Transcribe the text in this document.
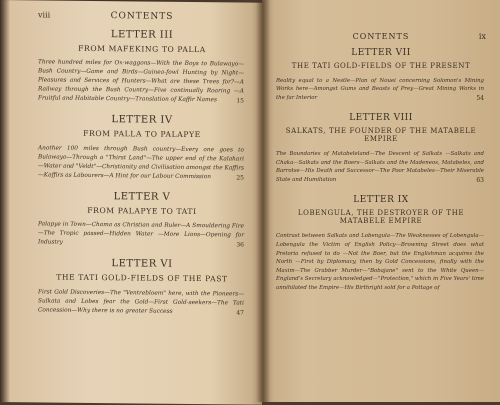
viii	CONTENTS
LETTER III
FROM MAFEKING TO PALLA
Three hundred miles for Ox-waggons—With the Boys to Bulawayo—Bush Country—Game and Birds—Guinea-fowl Hunting by Night—Pleasures and Services of Hunters—What are these Trees for?—A Railway through the Bush Country—Five continually Roaring —A Fruitful and Habitable Country—Translation of Kaffir Names	15
LETTER IV
FROM PALLA TO PALAPYE
Another 100 miles through Bush country—Every one goes to Bulawayo—Through a "Thirst Land"—The upper end of the Kalahari—Water and "Veldt"—Christianity and Civilisation amongst the Kaffirs—Kaffirs as Labourers—A Hint for our Labour Commission	25
LETTER V
FROM PALAPYE TO TATI
Palapye in Town—Chama as Christian and Ruler—A Smouldering Fire—The Tropic passed—Hidden Water —More Lions—Opening for Industry	36
LETTER VI
THE TATI GOLD-FIELDS OF THE PAST
First Gold Discoveries—The "Ventrebloem" here, with the Pioneers—Sulkata and Lobes fear the Gold—First Gold-seekers—The Tati Concession—Why there is no greater Success	47
CONTENTS	ix
LETTER VII
THE TATI GOLD-FIELDS OF THE PRESENT
Reality equal to a Nestle—Plan of Nouei concerning Solomon's Mining Works here—Amongst Gums and Beasts of Prey—Great Mining Works in the far Interior	54
LETTER VIII
SALKATS, THE FOUNDER OF THE MATABELE EMPIRE
The Boundaries of Matabeleland—The Descent of Salkats —Salkats and Chaka—Salkats and the Boers—Salkats and the Madeneos, Matabeles, and Barrotse—His Death and Successor—The Poor Matabeles—Their Miserable State and Humiliation	63
LETTER IX
LOBENGULA, THE DESTROYER OF THE MATABELE EMPIRE
Contrast between Salkats and Lobengula—The Weaknesses of Lobengula—Lobengula the Victim of English Policy—Browning Street does what Pretoria refused to do —Not the Boer, but the Englishman acquires the North —First by Diplomacy, then by Gold Concessions, finally with the Maxim—The Grabber Murder—"Bobajane" sent to the White Queen—England's Secretary acknowledged—"Protection," which in Five Years' time annihilated the Empire—His Birthright sold for a Pottage of
